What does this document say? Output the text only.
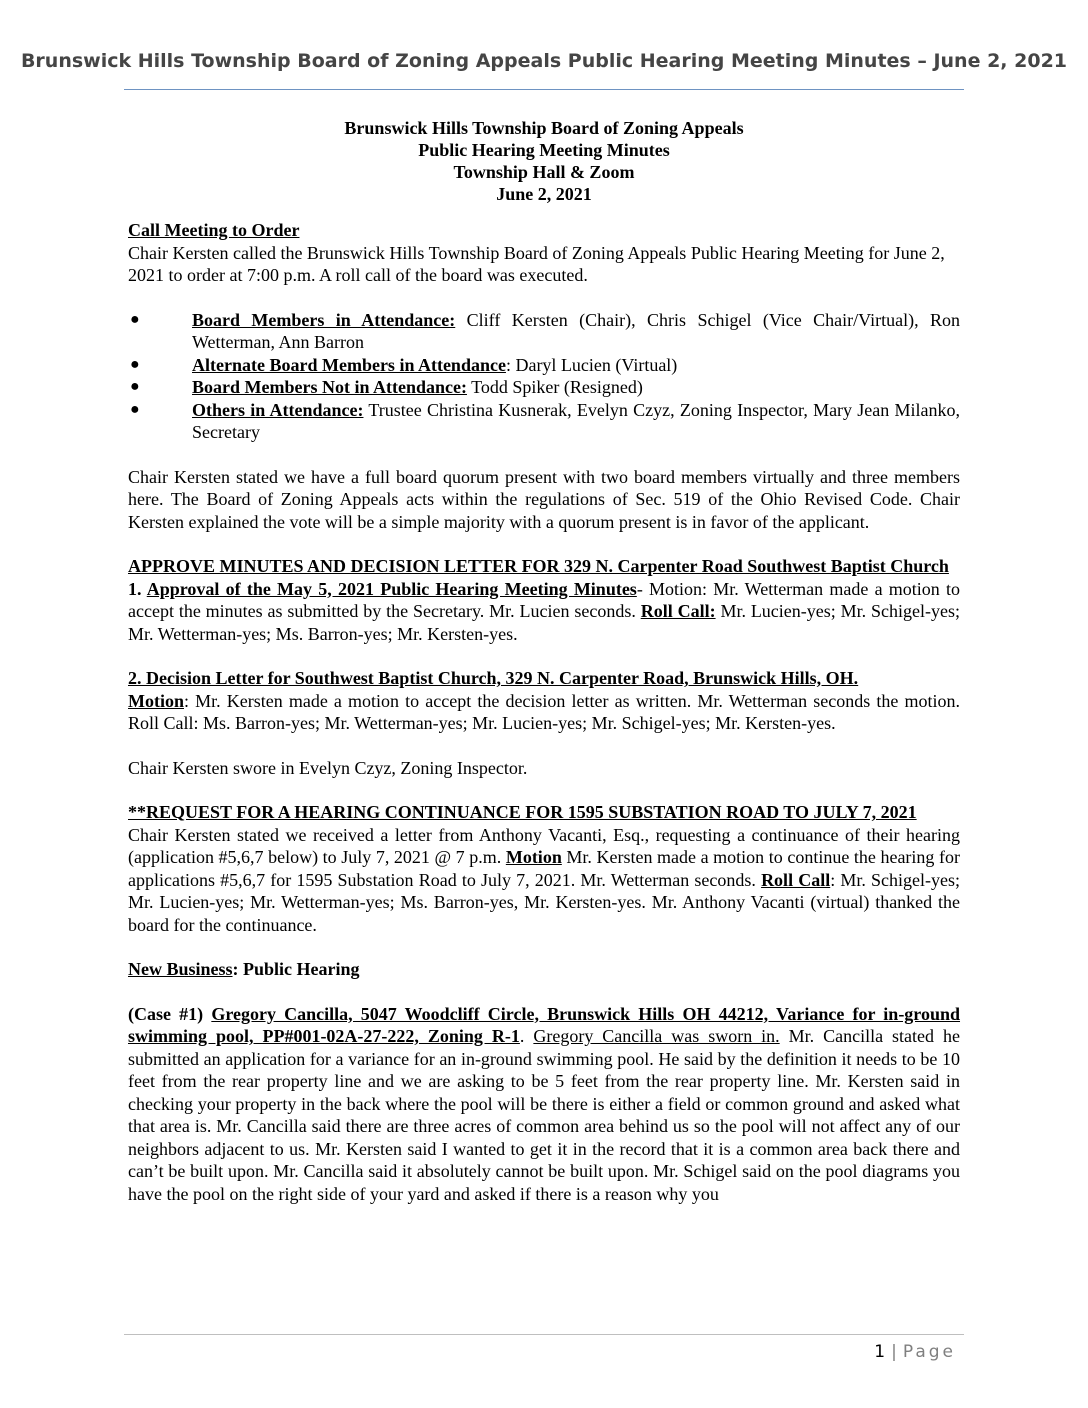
Brunswick Hills Township Board of Zoning Appeals Public Hearing Meeting Minutes – June 2, 2021
Brunswick Hills Township Board of Zoning Appeals
Public Hearing Meeting Minutes
Township Hall & Zoom
June 2, 2021

Call Meeting to Order

Chair Kersten called the Brunswick Hills Township Board of Zoning Appeals Public Hearing Meeting for June 2, 2021 to order at 7:00 p.m. A roll call of the board was executed.

●	Board Members in Attendance: Cliff Kersten (Chair), Chris Schigel (Vice Chair/Virtual), Ron Wetterman, Ann Barron
●	Alternate Board Members in Attendance: Daryl Lucien (Virtual)
●	Board Members Not in Attendance: Todd Spiker (Resigned)
●	Others in Attendance: Trustee Christina Kusnerak, Evelyn Czyz, Zoning Inspector, Mary Jean Milanko, Secretary

Chair Kersten stated we have a full board quorum present with two board members virtually and three members here. The Board of Zoning Appeals acts within the regulations of Sec. 519 of the Ohio Revised Code. Chair Kersten explained the vote will be a simple majority with a quorum present is in favor of the applicant.

APPROVE MINUTES AND DECISION LETTER FOR 329 N. Carpenter Road Southwest Baptist Church

1. Approval of the May 5, 2021 Public Hearing Meeting Minutes- Motion: Mr. Wetterman made a motion to accept the minutes as submitted by the Secretary. Mr. Lucien seconds. Roll Call: Mr. Lucien-yes; Mr. Schigel-yes; Mr. Wetterman-yes; Ms. Barron-yes; Mr. Kersten-yes.

2. Decision Letter for Southwest Baptist Church, 329 N. Carpenter Road, Brunswick Hills, OH.

Motion: Mr. Kersten made a motion to accept the decision letter as written. Mr. Wetterman seconds the motion. Roll Call: Ms. Barron-yes; Mr. Wetterman-yes; Mr. Lucien-yes; Mr. Schigel-yes; Mr. Kersten-yes.

Chair Kersten swore in Evelyn Czyz, Zoning Inspector.

**REQUEST FOR A HEARING CONTINUANCE FOR 1595 SUBSTATION ROAD TO JULY 7, 2021

Chair Kersten stated we received a letter from Anthony Vacanti, Esq., requesting a continuance of their hearing (application #5,6,7 below) to July 7, 2021 @ 7 p.m. Motion Mr. Kersten made a motion to continue the hearing for applications #5,6,7 for 1595 Substation Road to July 7, 2021. Mr. Wetterman seconds. Roll Call: Mr. Schigel-yes; Mr. Lucien-yes; Mr. Wetterman-yes; Ms. Barron-yes, Mr. Kersten-yes. Mr. Anthony Vacanti (virtual) thanked the board for the continuance.

New Business: Public Hearing

(Case #1) Gregory Cancilla, 5047 Woodcliff Circle, Brunswick Hills OH 44212, Variance for in-ground swimming pool, PP#001-02A-27-222, Zoning R-1. Gregory Cancilla was sworn in. Mr. Cancilla stated he submitted an application for a variance for an in-ground swimming pool. He said by the definition it needs to be 10 feet from the rear property line and we are asking to be 5 feet from the rear property line. Mr. Kersten said in checking your property in the back where the pool will be there is either a field or common ground and asked what that area is. Mr. Cancilla said there are three acres of common area behind us so the pool will not affect any of our neighbors adjacent to us. Mr. Kersten said I wanted to get it in the record that it is a common area back there and can’t be built upon. Mr. Cancilla said it absolutely cannot be built upon. Mr. Schigel said on the pool diagrams you have the pool on the right side of your yard and asked if there is a reason why you

1 | Page
